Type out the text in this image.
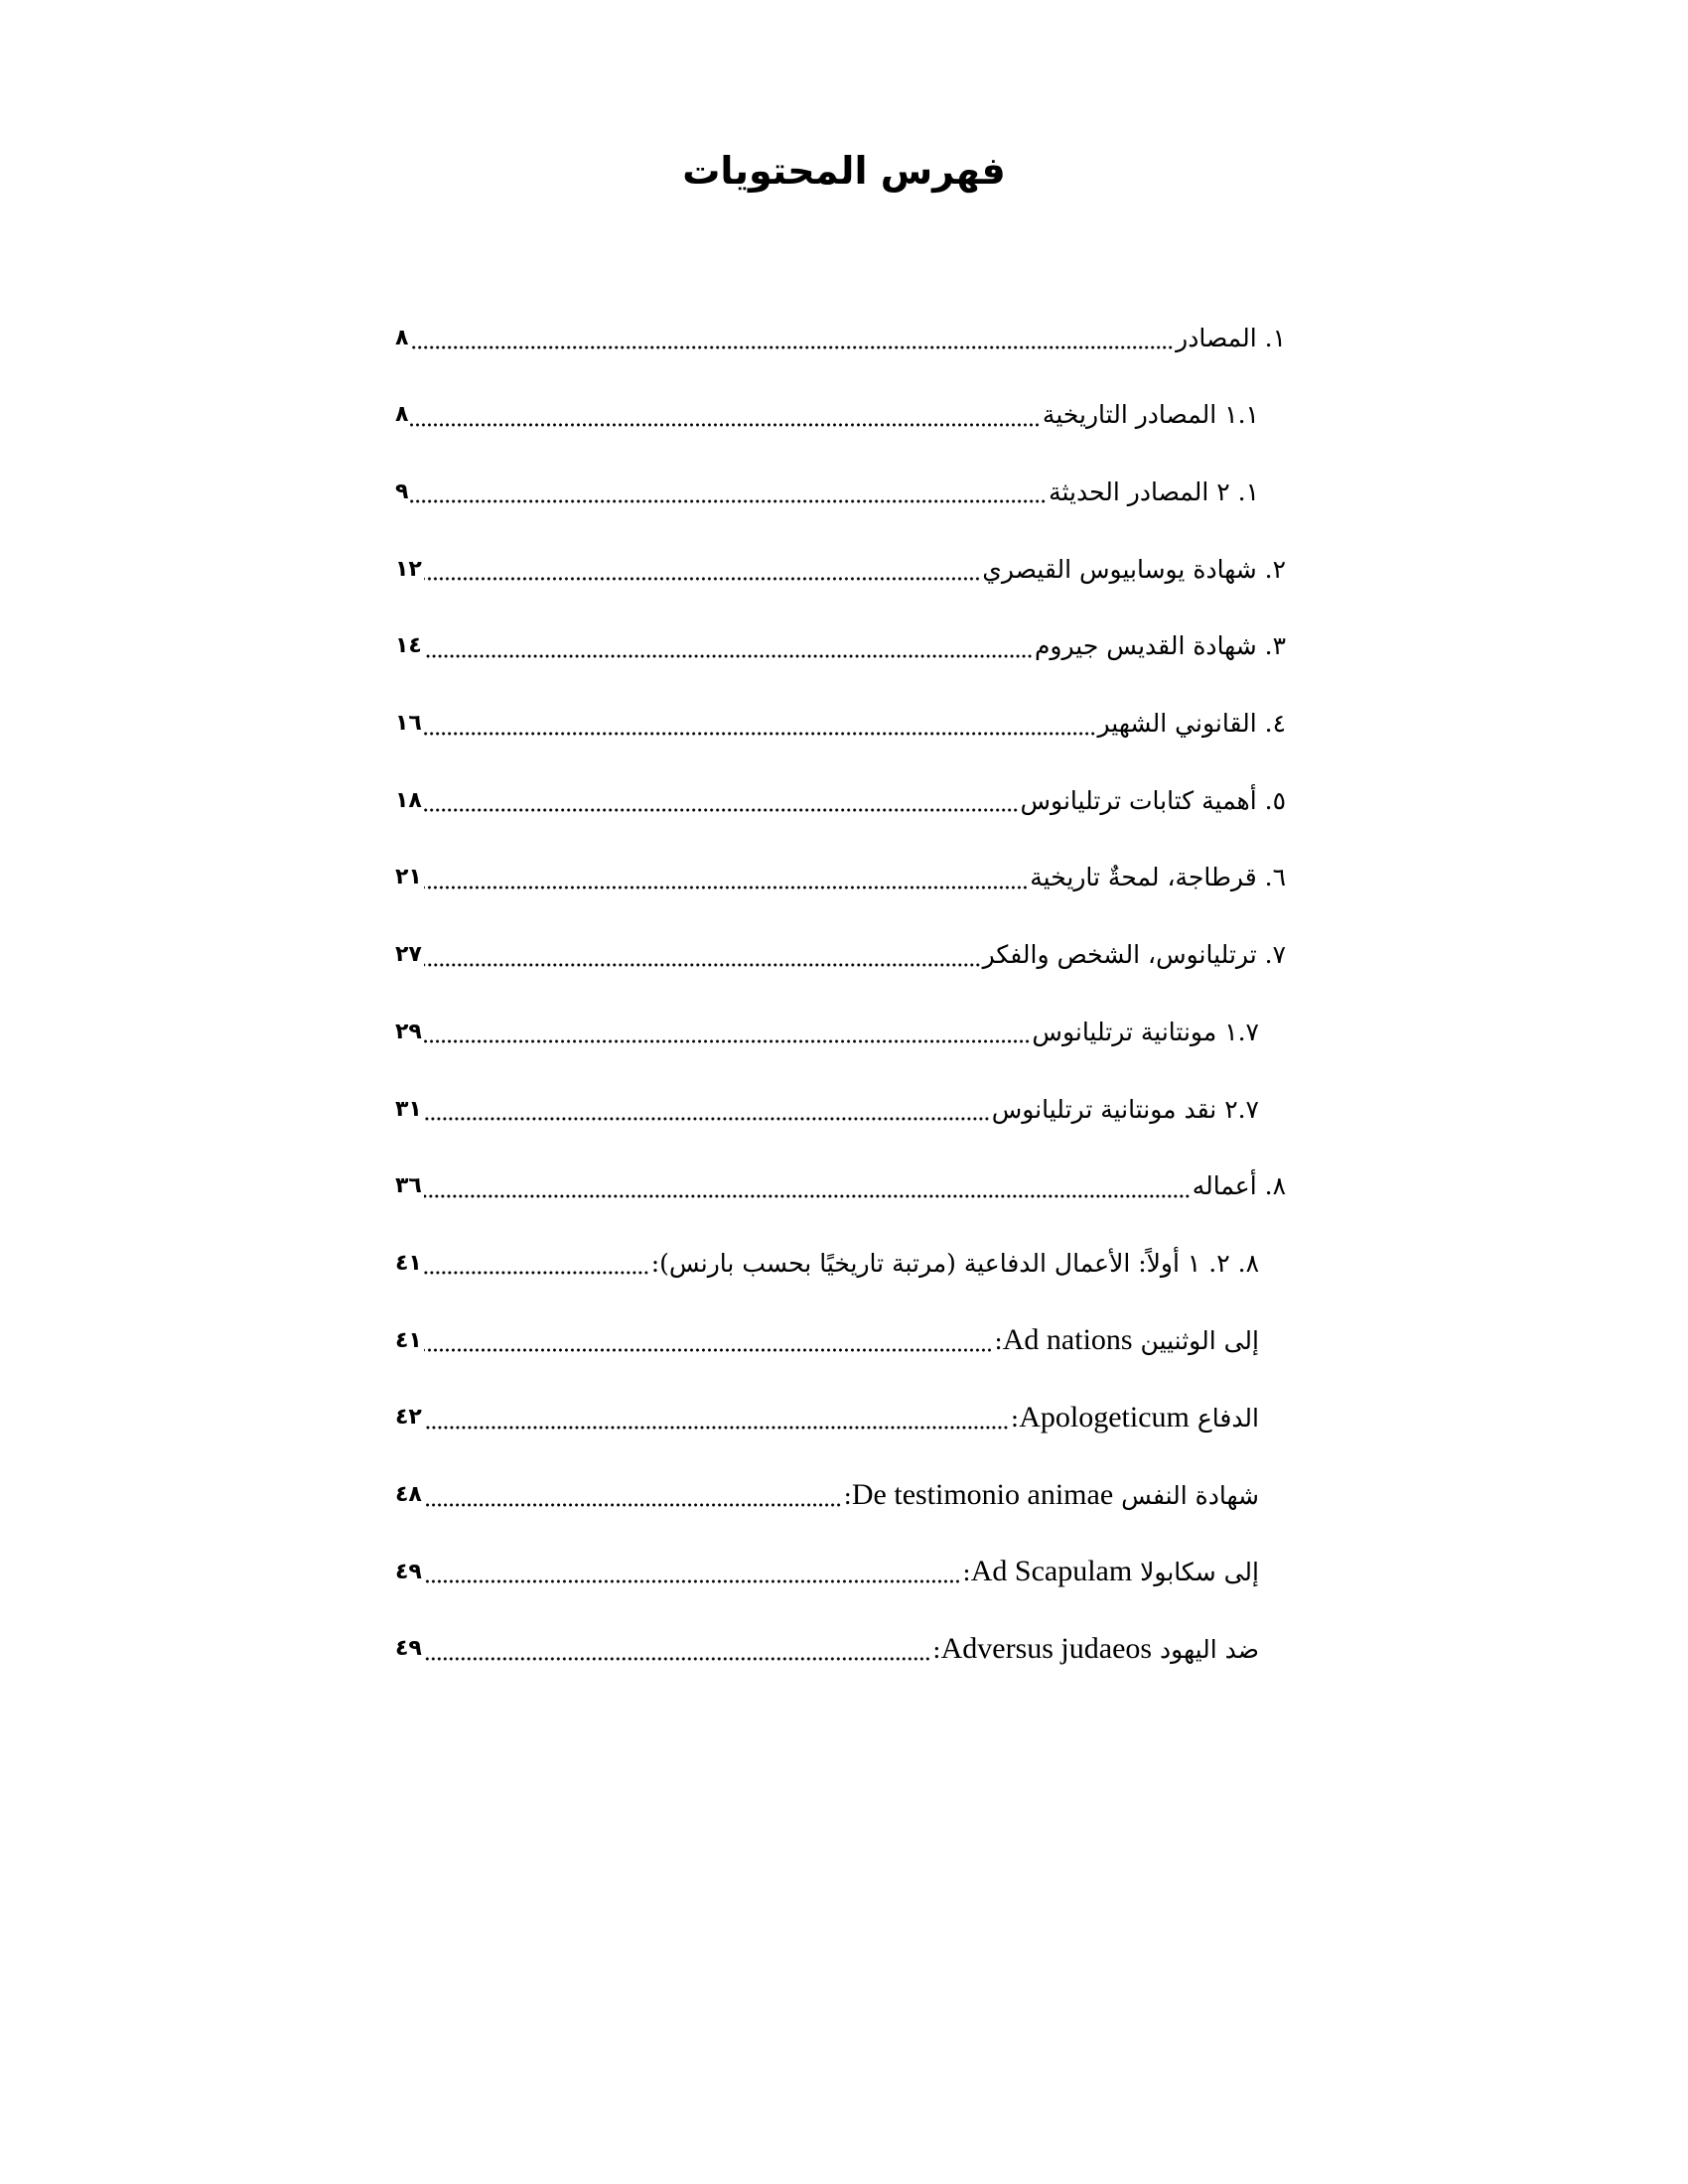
فهرس المحتويات
١. المصادر
٨
١.١ المصادر التاريخية
٨
١. ٢ المصادر الحديثة
٩
٢. شهادة يوسابيوس القيصري
١٢
٣. شهادة القديس جيروم
١٤
٤. القانوني الشهير
١٦
٥. أهمية كتابات ترتليانوس
١٨
٦. قرطاجة، لمحةٌ تاريخية
٢١
٧. ترتليانوس، الشخص والفكر
٢٧
١.٧ مونتانية ترتليانوس
٢٩
٢.٧ نقد مونتانية ترتليانوس
٣١
٨. أعماله
٣٦
٨. ٢. ١ أولاً: الأعمال الدفاعية (مرتبة تاريخيًا بحسب بارنس):
٤١
إلى الوثنيين Ad nations:
٤١
الدفاع Apologeticum:
٤٢
شهادة النفس De testimonio animae:
٤٨
إلى سكابولا Ad Scapulam:
٤٩
ضد اليهود Adversus judaeos:
٤٩
